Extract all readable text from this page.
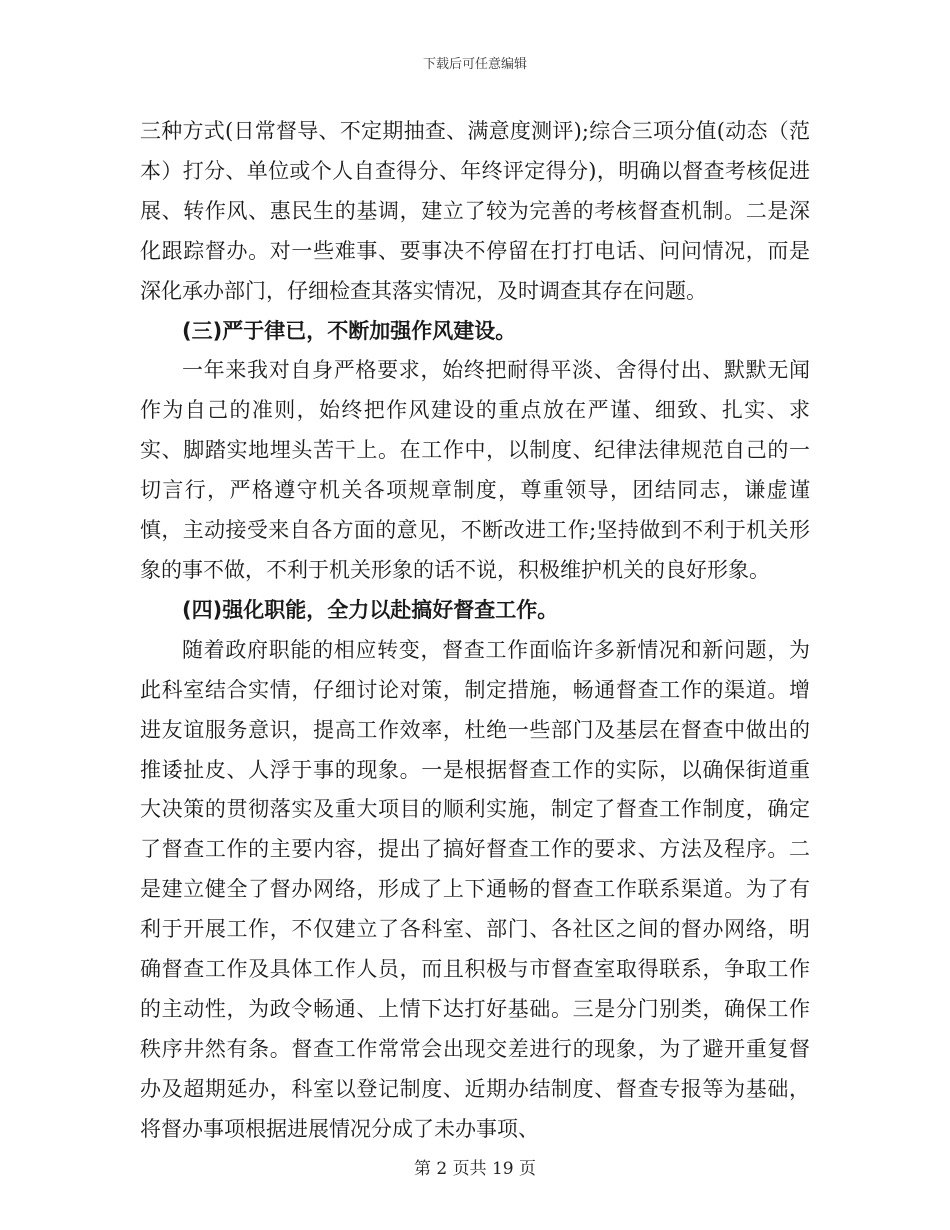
下载后可任意编辑

三种方式(日常督导、不定期抽查、满意度测评);综合三项分值(动态（范本）打分、单位或个人自查得分、年终评定得分)，明确以督查考核促进展、转作风、惠民生的基调，建立了较为完善的考核督查机制。二是深化跟踪督办。对一些难事、要事决不停留在打打电话、问问情况，而是深化承办部门，仔细检查其落实情况，及时调查其存在问题。

(三)严于律已，不断加强作风建设。

一年来我对自身严格要求，始终把耐得平淡、舍得付出、默默无闻作为自己的准则，始终把作风建设的重点放在严谨、细致、扎实、求实、脚踏实地埋头苦干上。在工作中，以制度、纪律法律规范自己的一切言行，严格遵守机关各项规章制度，尊重领导，团结同志，谦虚谨慎，主动接受来自各方面的意见，不断改进工作;坚持做到不利于机关形象的事不做，不利于机关形象的话不说，积极维护机关的良好形象。

(四)强化职能，全力以赴搞好督查工作。

随着政府职能的相应转变，督查工作面临许多新情况和新问题，为此科室结合实情，仔细讨论对策，制定措施，畅通督查工作的渠道。增进友谊服务意识，提高工作效率，杜绝一些部门及基层在督查中做出的推诿扯皮、人浮于事的现象。一是根据督查工作的实际，以确保街道重大决策的贯彻落实及重大项目的顺利实施，制定了督查工作制度，确定了督查工作的主要内容，提出了搞好督查工作的要求、方法及程序。二是建立健全了督办网络，形成了上下通畅的督查工作联系渠道。为了有利于开展工作，不仅建立了各科室、部门、各社区之间的督办网络，明确督查工作及具体工作人员，而且积极与市督查室取得联系，争取工作的主动性，为政令畅通、上情下达打好基础。三是分门别类，确保工作秩序井然有条。督查工作常常会出现交差进行的现象，为了避开重复督办及超期延办，科室以登记制度、近期办结制度、督查专报等为基础，将督办事项根据进展情况分成了未办事项、

第 2 页共 19 页
